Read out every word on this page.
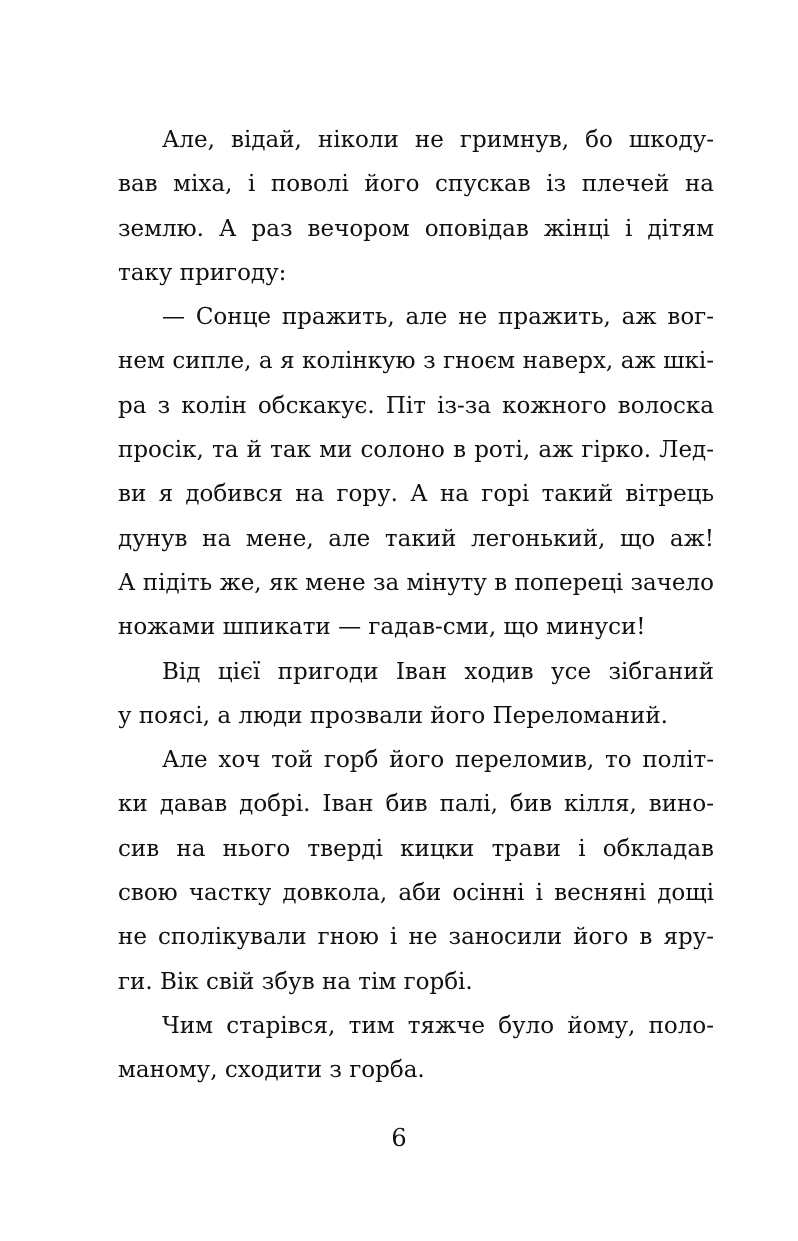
Але, відай, ніколи не гримнув, бо шкоду-
вав міха, і поволі його спускав із плечей на
землю. А раз вечором оповідав жінці і дітям
таку пригоду:
— Сонце пражить, але не пражить, аж вог-
нем сипле, а я колінкую з гноєм наверх, аж шкі-
ра з колін обскакує. Піт із-за кожного волоска
просік, та й так ми солоно в роті, аж гірко. Лед-
ви я добився на гору. А на горі такий вітрець
дунув на мене, але такий легонький, що аж!
А підіть же, як мене за мінуту в попереці зачело
ножами шпикати — гадав-сми, що минуси!
Від цієї пригоди Іван ходив усе зібганий
у поясі, а люди прозвали його Переломаний.
Але хоч той горб його переломив, то політ-
ки давав добрі. Іван бив палі, бив кілля, вино-
сив на нього тверді кицки трави і обкладав
свою частку довкола, аби осінні і весняні дощі
не сполікували гною і не заносили його в яру-
ги. Вік свій збув на тім горбі.
Чим старівся, тим тяжче було йому, поло-
маному, сходити з горба.
6
